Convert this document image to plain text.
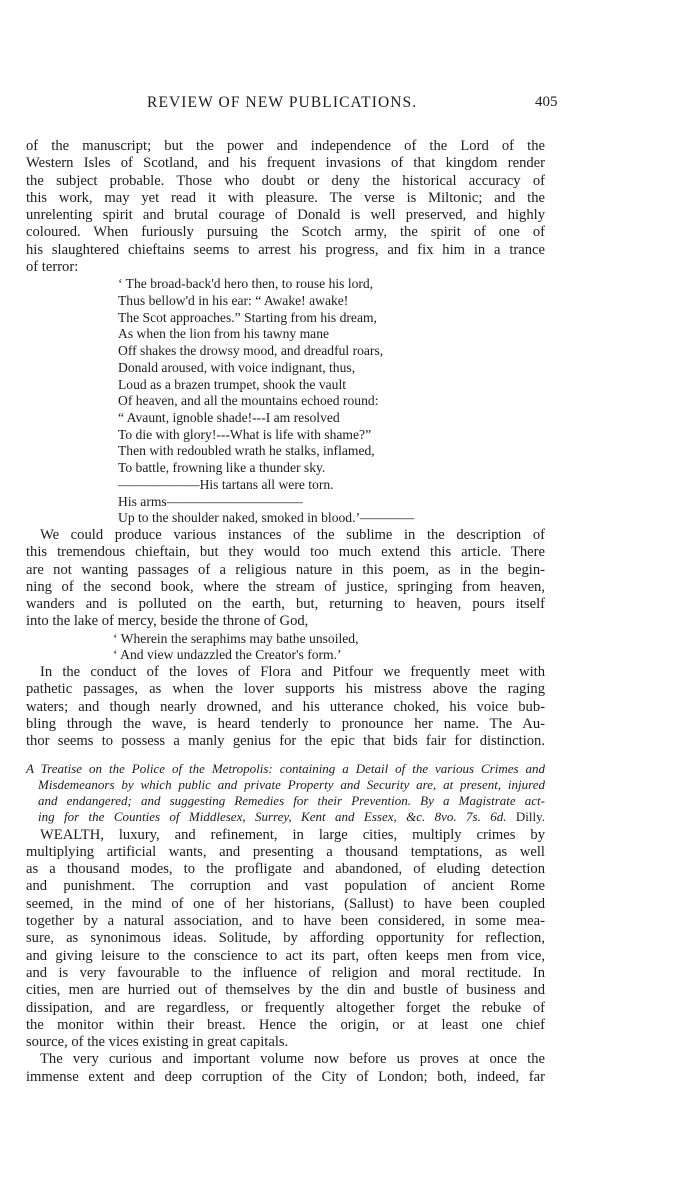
REVIEW OF NEW PUBLICATIONS.	405
of the manuscript; but the power and independence of the Lord of the
Western Isles of Scotland, and his frequent invasions of that kingdom render
the subject probable. Those who doubt or deny the historical accuracy of
this work, may yet read it with pleasure. The verse is Miltonic; and the
unrelenting spirit and brutal courage of Donald is well preserved, and highly
coloured. When furiously pursuing the Scotch army, the spirit of one of
his slaughtered chieftains seems to arrest his progress, and fix him in a trance
of terror:
‘ The broad-back'd hero then, to rouse his lord,
Thus bellow'd in his ear: “ Awake! awake!
The Scot approaches.” Starting from his dream,
As when the lion from his tawny mane
Off shakes the drowsy mood, and dreadful roars,
Donald aroused, with voice indignant, thus,
Loud as a brazen trumpet, shook the vault
Of heaven, and all the mountains echoed round:
“ Avaunt, ignoble shade!---I am resolved
To die with glory!---What is life with shame?”
Then with redoubled wrath he stalks, inflamed,
To battle, frowning like a thunder sky.
——————His tartans all were torn.
His arms——————————
Up to the shoulder naked, smoked in blood.’————
We could produce various instances of the sublime in the description of
this tremendous chieftain, but they would too much extend this article. There
are not wanting passages of a religious nature in this poem, as in the begin-
ning of the second book, where the stream of justice, springing from heaven,
wanders and is polluted on the earth, but, returning to heaven, pours itself
into the lake of mercy, beside the throne of God,
‘ Wherein the seraphims may bathe unsoiled,
‘ And view undazzled the Creator's form.’
In the conduct of the loves of Flora and Pitfour we frequently meet with
pathetic passages, as when the lover supports his mistress above the raging
waters; and though nearly drowned, and his utterance choked, his voice bub-
bling through the wave, is heard tenderly to pronounce her name. The Au-
thor seems to possess a manly genius for the epic that bids fair for distinction.
A Treatise on the Police of the Metropolis: containing a Detail of the various Crimes and
Misdemeanors by which public and private Property and Security are, at present, injured
and endangered; and suggesting Remedies for their Prevention. By a Magistrate act-
ing for the Counties of Middlesex, Surrey, Kent and Essex, &c. 8vo. 7s. 6d. Dilly.
WEALTH, luxury, and refinement, in large cities, multiply crimes by
multiplying artificial wants, and presenting a thousand temptations, as well
as a thousand modes, to the profligate and abandoned, of eluding detection
and punishment. The corruption and vast population of ancient Rome
seemed, in the mind of one of her historians, (Sallust) to have been coupled
together by a natural association, and to have been considered, in some mea-
sure, as synonimous ideas. Solitude, by affording opportunity for reflection,
and giving leisure to the conscience to act its part, often keeps men from vice,
and is very favourable to the influence of religion and moral rectitude. In
cities, men are hurried out of themselves by the din and bustle of business and
dissipation, and are regardless, or frequently altogether forget the rebuke of
the monitor within their breast. Hence the origin, or at least one chief
source, of the vices existing in great capitals.
The very curious and important volume now before us proves at once the
immense extent and deep corruption of the City of London; both, indeed, far
